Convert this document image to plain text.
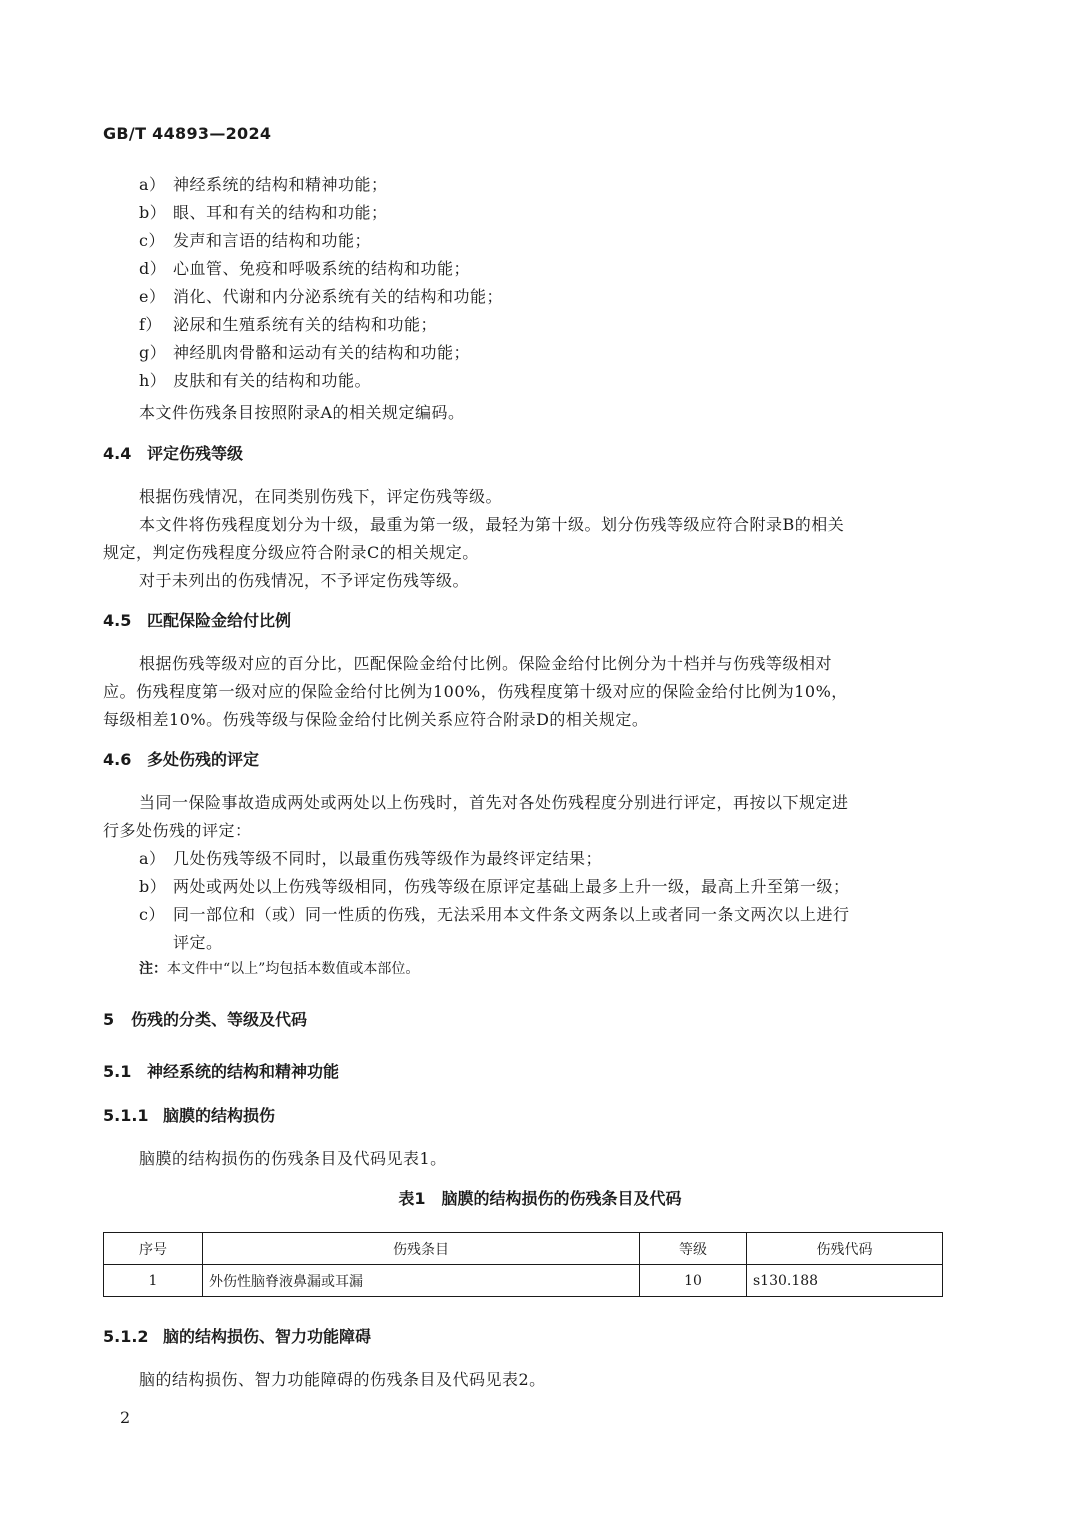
GB/T 44893—2024
a） 神经系统的结构和精神功能；
b） 眼、耳和有关的结构和功能；
c） 发声和言语的结构和功能；
d） 心血管、免疫和呼吸系统的结构和功能；
e） 消化、代谢和内分泌系统有关的结构和功能；
f） 泌尿和生殖系统有关的结构和功能；
g） 神经肌肉骨骼和运动有关的结构和功能；
h） 皮肤和有关的结构和功能。
本文件伤残条目按照附录A的相关规定编码。
4.4 评定伤残等级
根据伤残情况，在同类别伤残下，评定伤残等级。
本文件将伤残程度划分为十级，最重为第一级，最轻为第十级。划分伤残等级应符合附录B的相关
规定，判定伤残程度分级应符合附录C的相关规定。
对于未列出的伤残情况，不予评定伤残等级。
4.5 匹配保险金给付比例
根据伤残等级对应的百分比，匹配保险金给付比例。保险金给付比例分为十档并与伤残等级相对
应。伤残程度第一级对应的保险金给付比例为100%，伤残程度第十级对应的保险金给付比例为10%，
每级相差10%。伤残等级与保险金给付比例关系应符合附录D的相关规定。
4.6 多处伤残的评定
当同一保险事故造成两处或两处以上伤残时，首先对各处伤残程度分别进行评定，再按以下规定进
行多处伤残的评定：
a） 几处伤残等级不同时，以最重伤残等级作为最终评定结果；
b） 两处或两处以上伤残等级相同，伤残等级在原评定基础上最多上升一级，最高上升至第一级；
c） 同一部位和（或）同一性质的伤残，无法采用本文件条文两条以上或者同一条文两次以上进行
评定。
注：本文件中“以上”均包括本数值或本部位。
5 伤残的分类、等级及代码
5.1 神经系统的结构和精神功能
5.1.1 脑膜的结构损伤
脑膜的结构损伤的伤残条目及代码见表1。
表1　脑膜的结构损伤的伤残条目及代码
序号	伤残条目	等级	伤残代码
1	外伤性脑脊液鼻漏或耳漏	10	s130.188
5.1.2 脑的结构损伤、智力功能障碍
脑的结构损伤、智力功能障碍的伤残条目及代码见表2。
2
